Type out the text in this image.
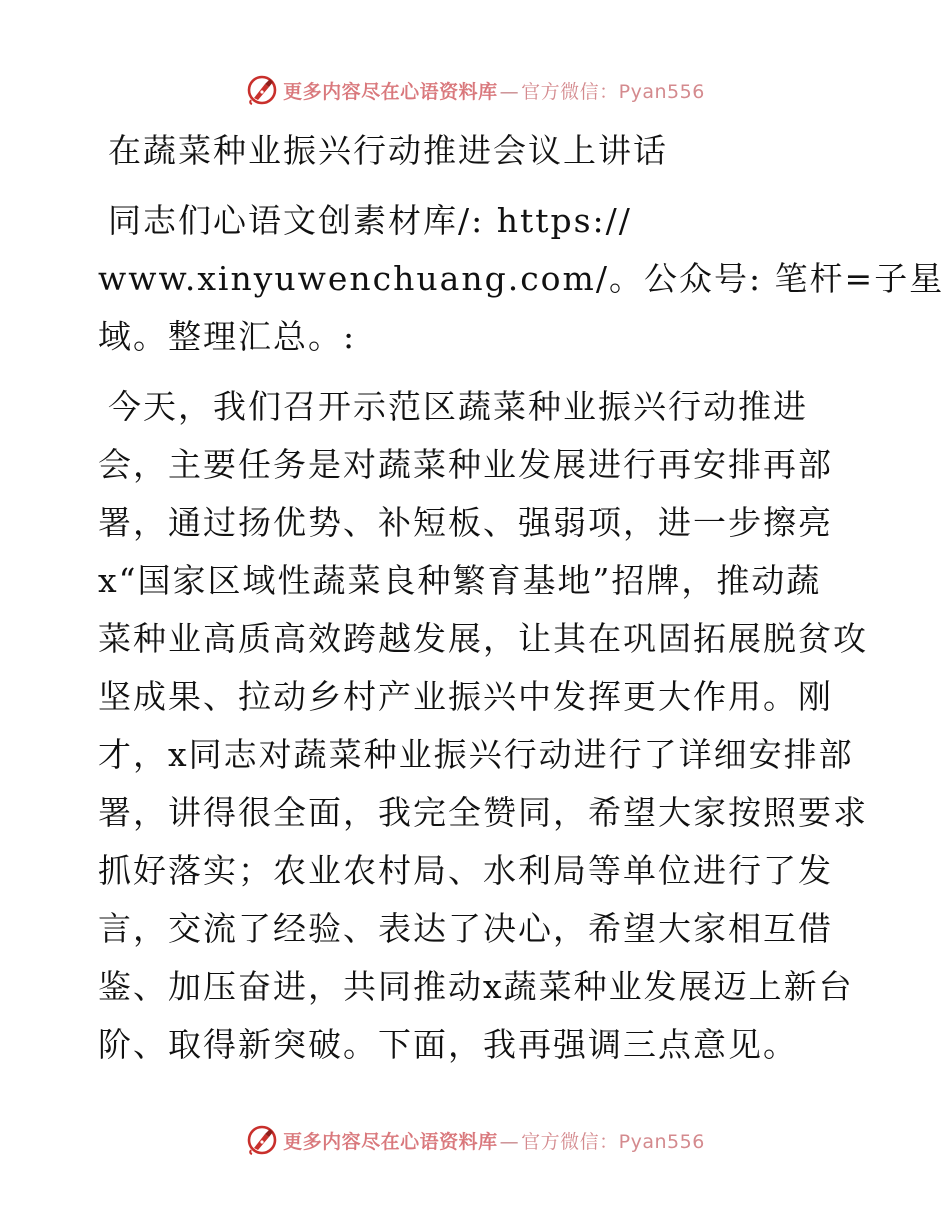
更多内容尽在心语资料库 — 官方微信：Pyan556
在蔬菜种业振兴行动推进会议上讲话
同志们心语文创素材库/: https://
www.xinyuwenchuang.com/。公众号: 笔杆=子星
域。整理汇总。:
今天，我们召开示范区蔬菜种业振兴行动推进
会，主要任务是对蔬菜种业发展进行再安排再部
署，通过扬优势、补短板、强弱项，进一步擦亮
x“国家区域性蔬菜良种繁育基地”招牌，推动蔬
菜种业高质高效跨越发展，让其在巩固拓展脱贫攻
坚成果、拉动乡村产业振兴中发挥更大作用。刚
才，x同志对蔬菜种业振兴行动进行了详细安排部
署，讲得很全面，我完全赞同，希望大家按照要求
抓好落实；农业农村局、水利局等单位进行了发
言，交流了经验、表达了决心，希望大家相互借
鉴、加压奋进，共同推动x蔬菜种业发展迈上新台
阶、取得新突破。下面，我再强调三点意见。
更多内容尽在心语资料库 — 官方微信：Pyan556
